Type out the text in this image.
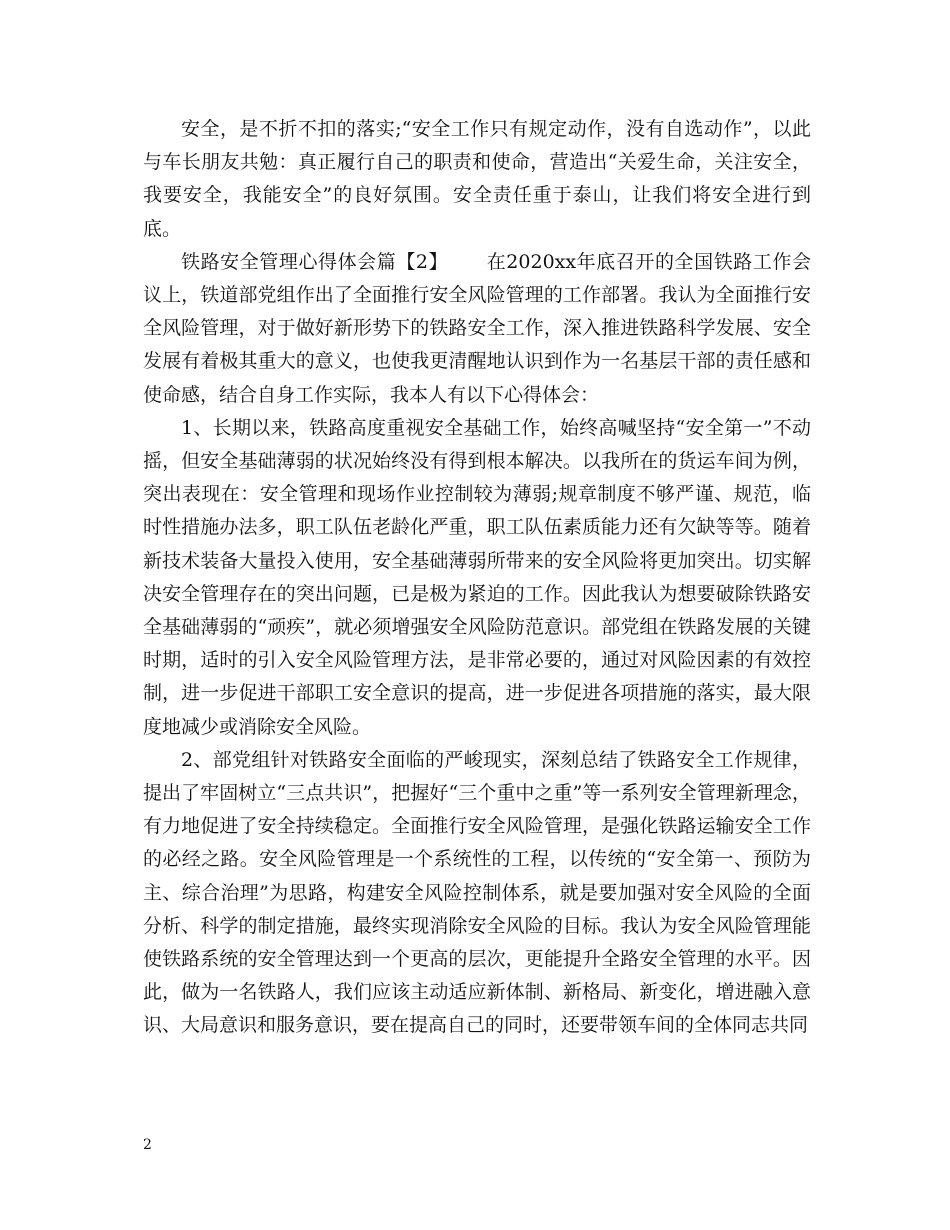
安全，是不折不扣的落实;“安全工作只有规定动作，没有自选动作”，以此与车长朋友共勉：真正履行自己的职责和使命，营造出“关爱生命，关注安全，我要安全，我能安全”的良好氛围。安全责任重于泰山，让我们将安全进行到底。

铁路安全管理心得体会篇【2】 在2020xx年底召开的全国铁路工作会议上，铁道部党组作出了全面推行安全风险管理的工作部署。我认为全面推行安全风险管理，对于做好新形势下的铁路安全工作，深入推进铁路科学发展、安全发展有着极其重大的意义，也使我更清醒地认识到作为一名基层干部的责任感和使命感，结合自身工作实际，我本人有以下心得体会：

1、长期以来，铁路高度重视安全基础工作，始终高喊坚持“安全第一”不动摇，但安全基础薄弱的状况始终没有得到根本解决。以我所在的货运车间为例，突出表现在：安全管理和现场作业控制较为薄弱;规章制度不够严谨、规范，临时性措施办法多，职工队伍老龄化严重，职工队伍素质能力还有欠缺等等。随着新技术装备大量投入使用，安全基础薄弱所带来的安全风险将更加突出。切实解决安全管理存在的突出问题，已是极为紧迫的工作。因此我认为想要破除铁路安全基础薄弱的“顽疾”，就必须增强安全风险防范意识。部党组在铁路发展的关键时期，适时的引入安全风险管理方法，是非常必要的，通过对风险因素的有效控制，进一步促进干部职工安全意识的提高，进一步促进各项措施的落实，最大限度地减少或消除安全风险。

2、部党组针对铁路安全面临的严峻现实，深刻总结了铁路安全工作规律，提出了牢固树立“三点共识”，把握好“三个重中之重”等一系列安全管理新理念，有力地促进了安全持续稳定。全面推行安全风险管理，是强化铁路运输安全工作的必经之路。安全风险管理是一个系统性的工程，以传统的“安全第一、预防为主、综合治理”为思路，构建安全风险控制体系，就是要加强对安全风险的全面分析、科学的制定措施，最终实现消除安全风险的目标。我认为安全风险管理能使铁路系统的安全管理达到一个更高的层次，更能提升全路安全管理的水平。因此，做为一名铁路人，我们应该主动适应新体制、新格局、新变化，增进融入意识、大局意识和服务意识，要在提高自己的同时，还要带领车间的全体同志共同

2
